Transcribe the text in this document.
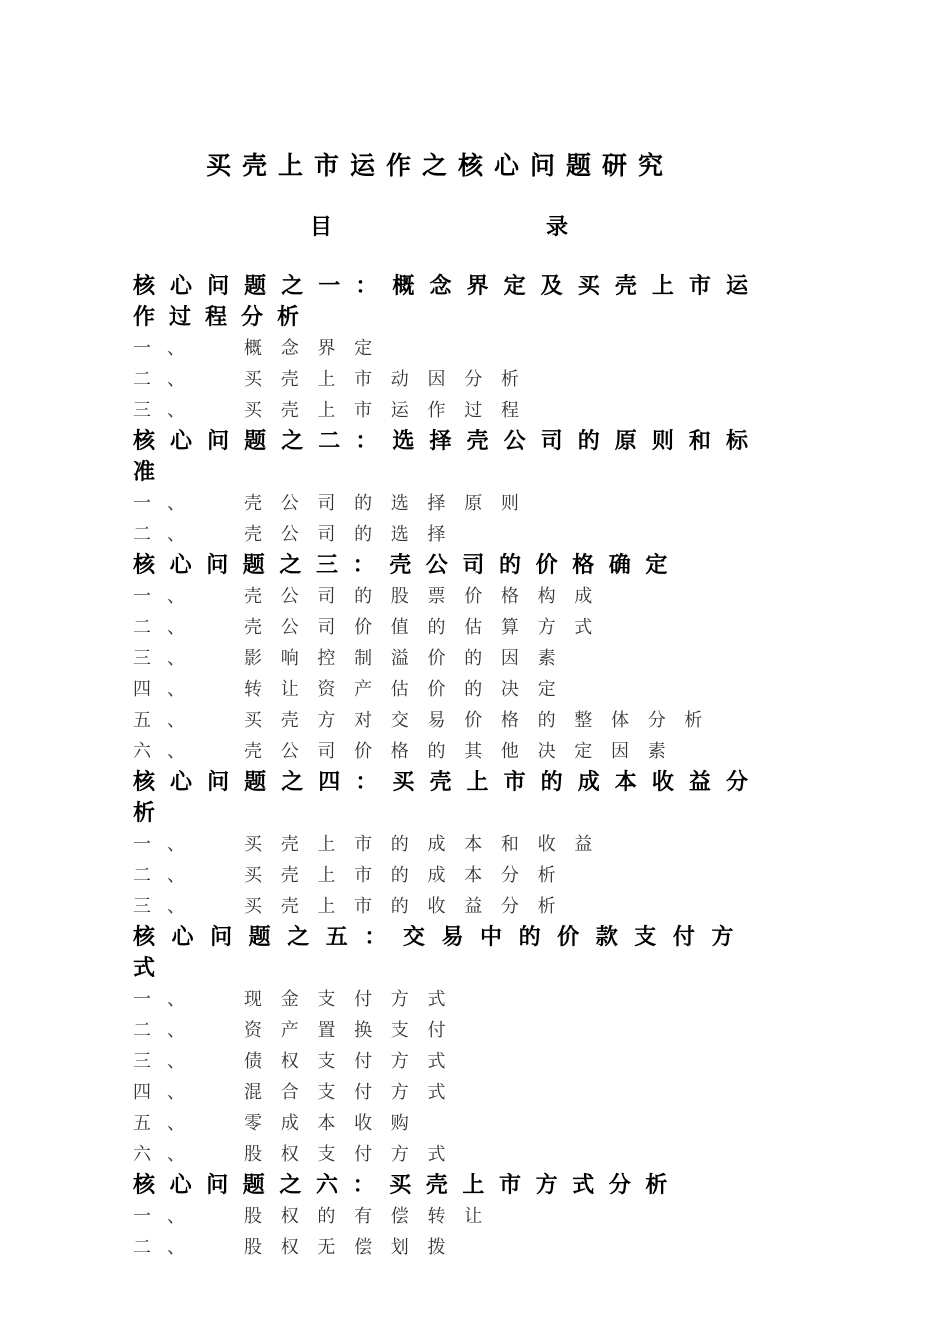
买壳上市运作之核心问题研究
目	录
核心问题之一：概念界定及买壳上市运
作过程分析
一、 概念界定
二、 买壳上市动因分析
三、 买壳上市运作过程
核心问题之二：选择壳公司的原则和标
准
一、 壳公司的选择原则
二、 壳公司的选择
核心问题之三：壳公司的价格确定
一、 壳公司的股票价格构成
二、 壳公司价值的估算方式
三、 影响控制溢价的因素
四、 转让资产估价的决定
五、 买壳方对交易价格的整体分析
六、 壳公司价格的其他决定因素
核心问题之四：买壳上市的成本收益分
析
一、 买壳上市的成本和收益
二、 买壳上市的成本分析
三、 买壳上市的收益分析
核心问题之五：交易中的价款支付方式
一、 现金支付方式
二、 资产置换支付
三、 债权支付方式
四、 混合支付方式
五、 零成本收购
六、 股权支付方式
核心问题之六：买壳上市方式分析
一、 股权的有偿转让
二、 股权无偿划拨
